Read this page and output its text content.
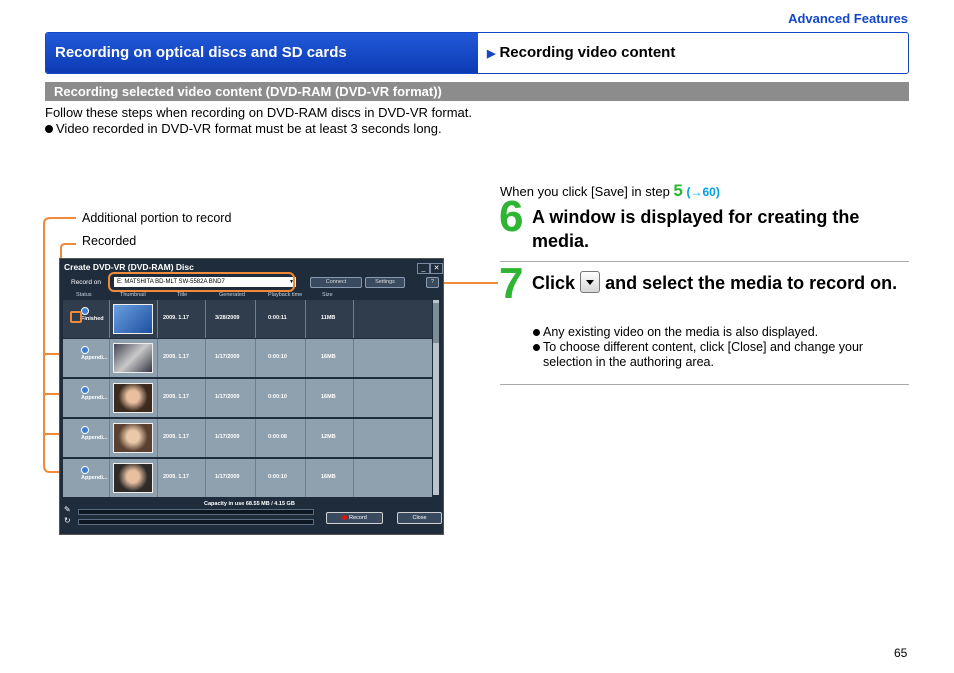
Advanced Features
Recording on optical discs and SD cards	▶ Recording video content
Recording selected video content (DVD-RAM (DVD-VR format))
Follow these steps when recording on DVD-RAM discs in DVD-VR format.
Video recorded in DVD-VR format must be at least 3 seconds long.
Additional portion to record
Recorded
Create DVD-VR (DVD-RAM) Disc	_	✕
Record on	E: MATSHITA BD-MLT SW-5582A BND7	▼	Connect	Settings	?
Status	Thumbnail	Title	Generated	Playback time	Size
Finished	2009. 1.17	3/28/2009	0:00:11	11MB
Appendi...	2009. 1.17	1/17/2009	0:00:10	16MB
Appendi...	2009. 1.17	1/17/2009	0:00:10	16MB
Appendi...	2009. 1.17	1/17/2009	0:00:08	12MB
Appendi...	2009. 1.17	1/17/2009	0:00:10	16MB
Capacity in use 68.55 MB / 4.15 GB
✎
↻	Record	Close
When you click [Save] in step 5 (→60)
6 A window is displayed for creating the media.
7 Click and select the media to record on.
Any existing video on the media is also displayed.
To choose different content, click [Close] and change your selection in the authoring area.
65
